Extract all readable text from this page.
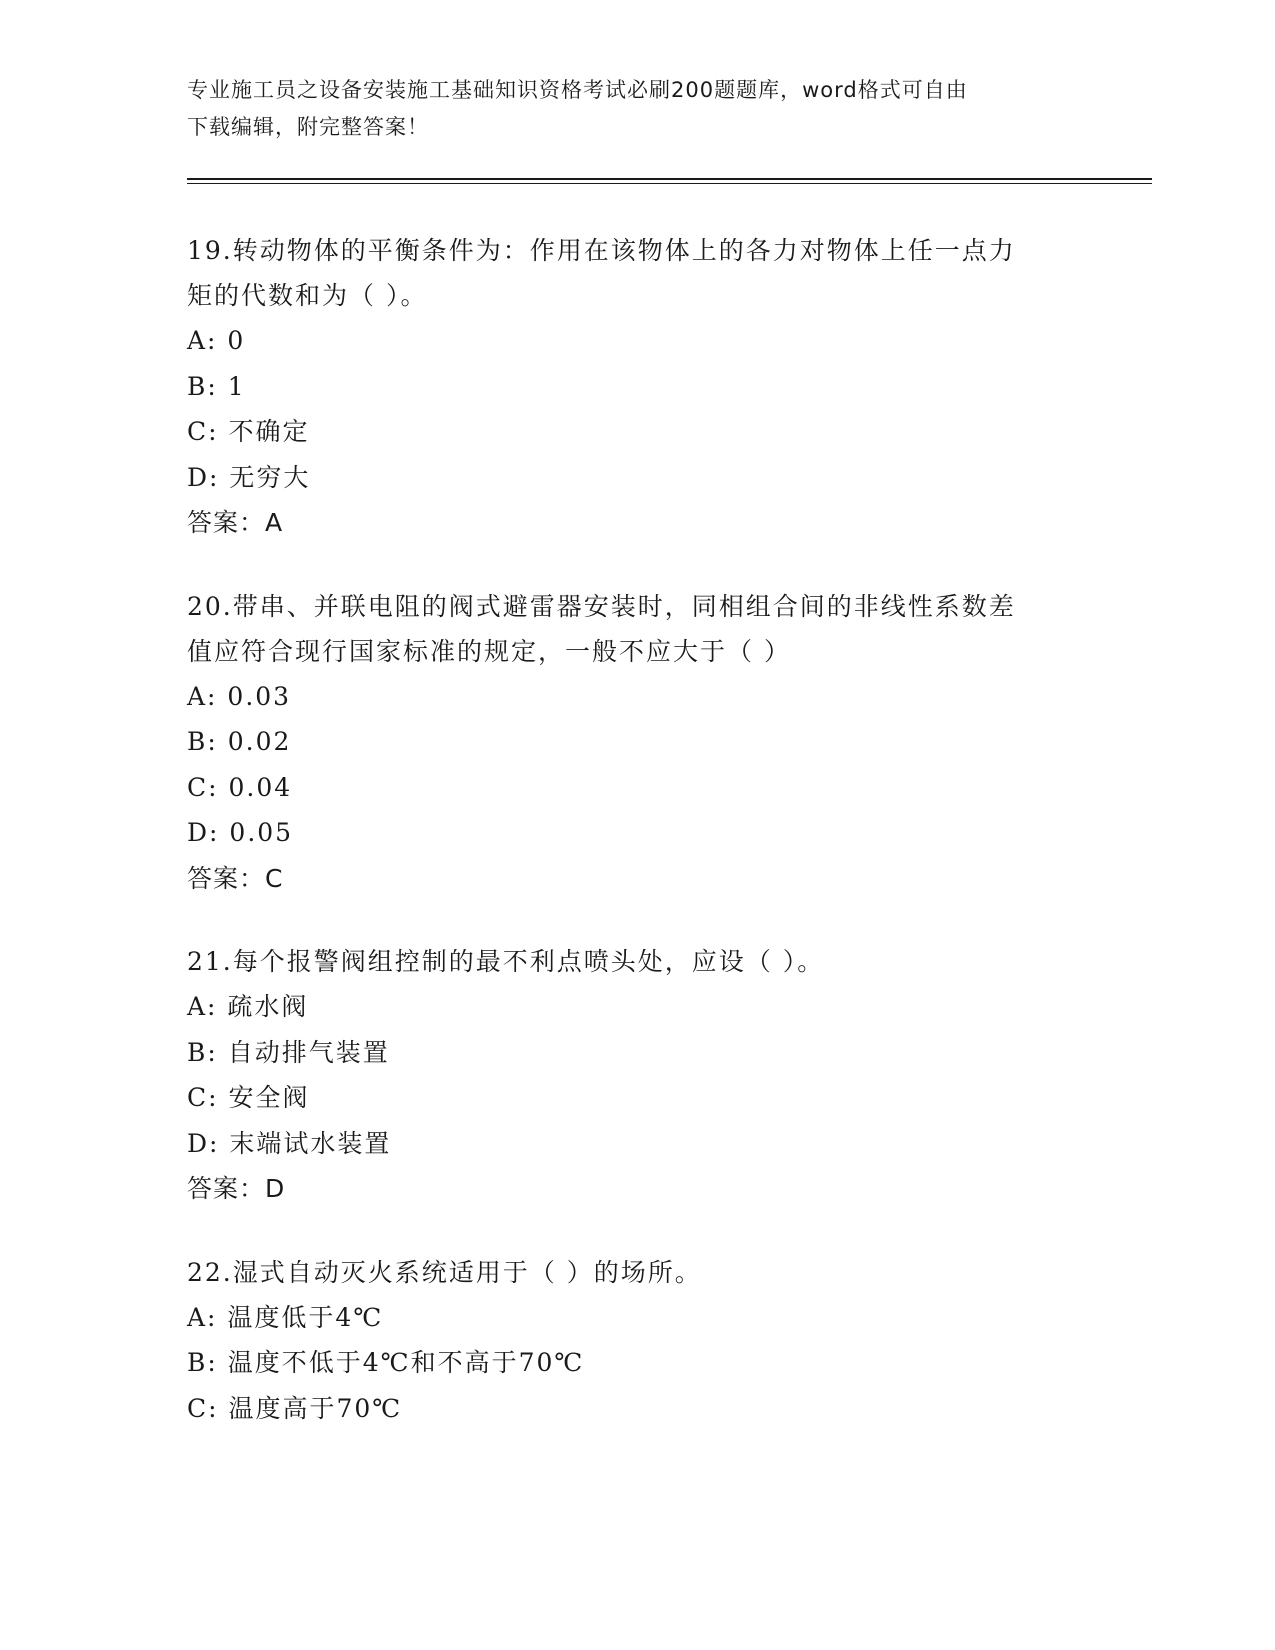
专业施工员之设备安装施工基础知识资格考试必刷200题题库，word格式可自由
下载编辑，附完整答案！
19.转动物体的平衡条件为：作用在该物体上的各力对物体上任一点力
矩的代数和为（ ）。
A: 0
B: 1
C: 不确定
D: 无穷大
答案：A
20.带串、并联电阻的阀式避雷器安装时，同相组合间的非线性系数差
值应符合现行国家标准的规定，一般不应大于（ ）
A: 0.03
B: 0.02
C: 0.04
D: 0.05
答案：C
21.每个报警阀组控制的最不利点喷头处，应设（ ）。
A: 疏水阀
B: 自动排气装置
C: 安全阀
D: 末端试水装置
答案：D
22.湿式自动灭火系统适用于（ ）的场所。
A: 温度低于4℃
B: 温度不低于4℃和不高于70℃
C: 温度高于70℃
